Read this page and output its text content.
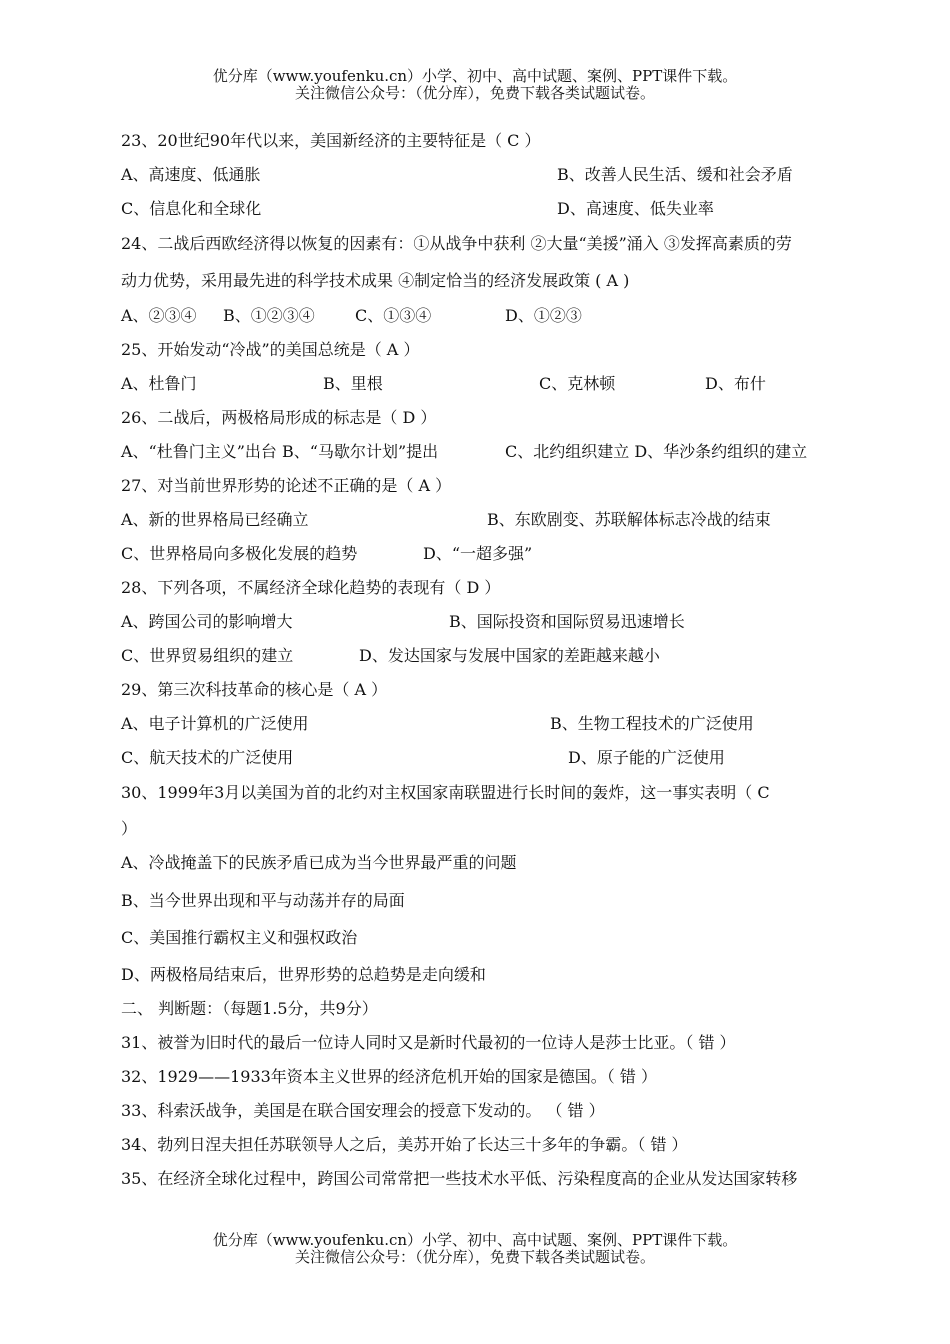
优分库（www.youfenku.cn）小学、初中、高中试题、案例、PPT课件下载。
关注微信公众号：（优分库），免费下载各类试题试卷。
23、20世纪90年代以来，美国新经济的主要特征是（ C ）
A、高速度、低通胀	B、改善人民生活、缓和社会矛盾
C、信息化和全球化	D、高速度、低失业率
24、二战后西欧经济得以恢复的因素有：①从战争中获利 ②大量“美援”涌入 ③发挥高素质的劳
动力优势，采用最先进的科学技术成果 ④制定恰当的经济发展政策 ( A )
A、②③④ B、①②③④	C、①③④	D、①②③
25、开始发动“冷战”的美国总统是（ A ）
A、杜鲁门	B、里根	C、克林顿	D、布什
26、二战后，两极格局形成的标志是（ D ）
A、“杜鲁门主义”出台 B、“马歇尔计划”提出	C、北约组织建立 D、华沙条约组织的建立
27、对当前世界形势的论述不正确的是（ A ）
A、新的世界格局已经确立	B、东欧剧变、苏联解体标志冷战的结束
C、世界格局向多极化发展的趋势	D、“一超多强”
28、下列各项，不属经济全球化趋势的表现有（ D ）
A、跨国公司的影响增大	B、国际投资和国际贸易迅速增长
C、世界贸易组织的建立	D、发达国家与发展中国家的差距越来越小
29、第三次科技革命的核心是（ A ）
A、电子计算机的广泛使用	B、生物工程技术的广泛使用
C、航天技术的广泛使用	D、原子能的广泛使用
30、1999年3月以美国为首的北约对主权国家南联盟进行长时间的轰炸，这一事实表明（ C
）
A、冷战掩盖下的民族矛盾已成为当今世界最严重的问题
B、当今世界出现和平与动荡并存的局面
C、美国推行霸权主义和强权政治
D、两极格局结束后，世界形势的总趋势是走向缓和
二、 判断题：（每题1.5分，共9分）
31、被誉为旧时代的最后一位诗人同时又是新时代最初的一位诗人是莎士比亚。（ 错 ）
32、1929——1933年资本主义世界的经济危机开始的国家是德国。（ 错 ）
33、科索沃战争，美国是在联合国安理会的授意下发动的。 （ 错 ）
34、勃列日涅夫担任苏联领导人之后，美苏开始了长达三十多年的争霸。（ 错 ）
35、在经济全球化过程中，跨国公司常常把一些技术水平低、污染程度高的企业从发达国家转移
优分库（www.youfenku.cn）小学、初中、高中试题、案例、PPT课件下载。
关注微信公众号：（优分库），免费下载各类试题试卷。
